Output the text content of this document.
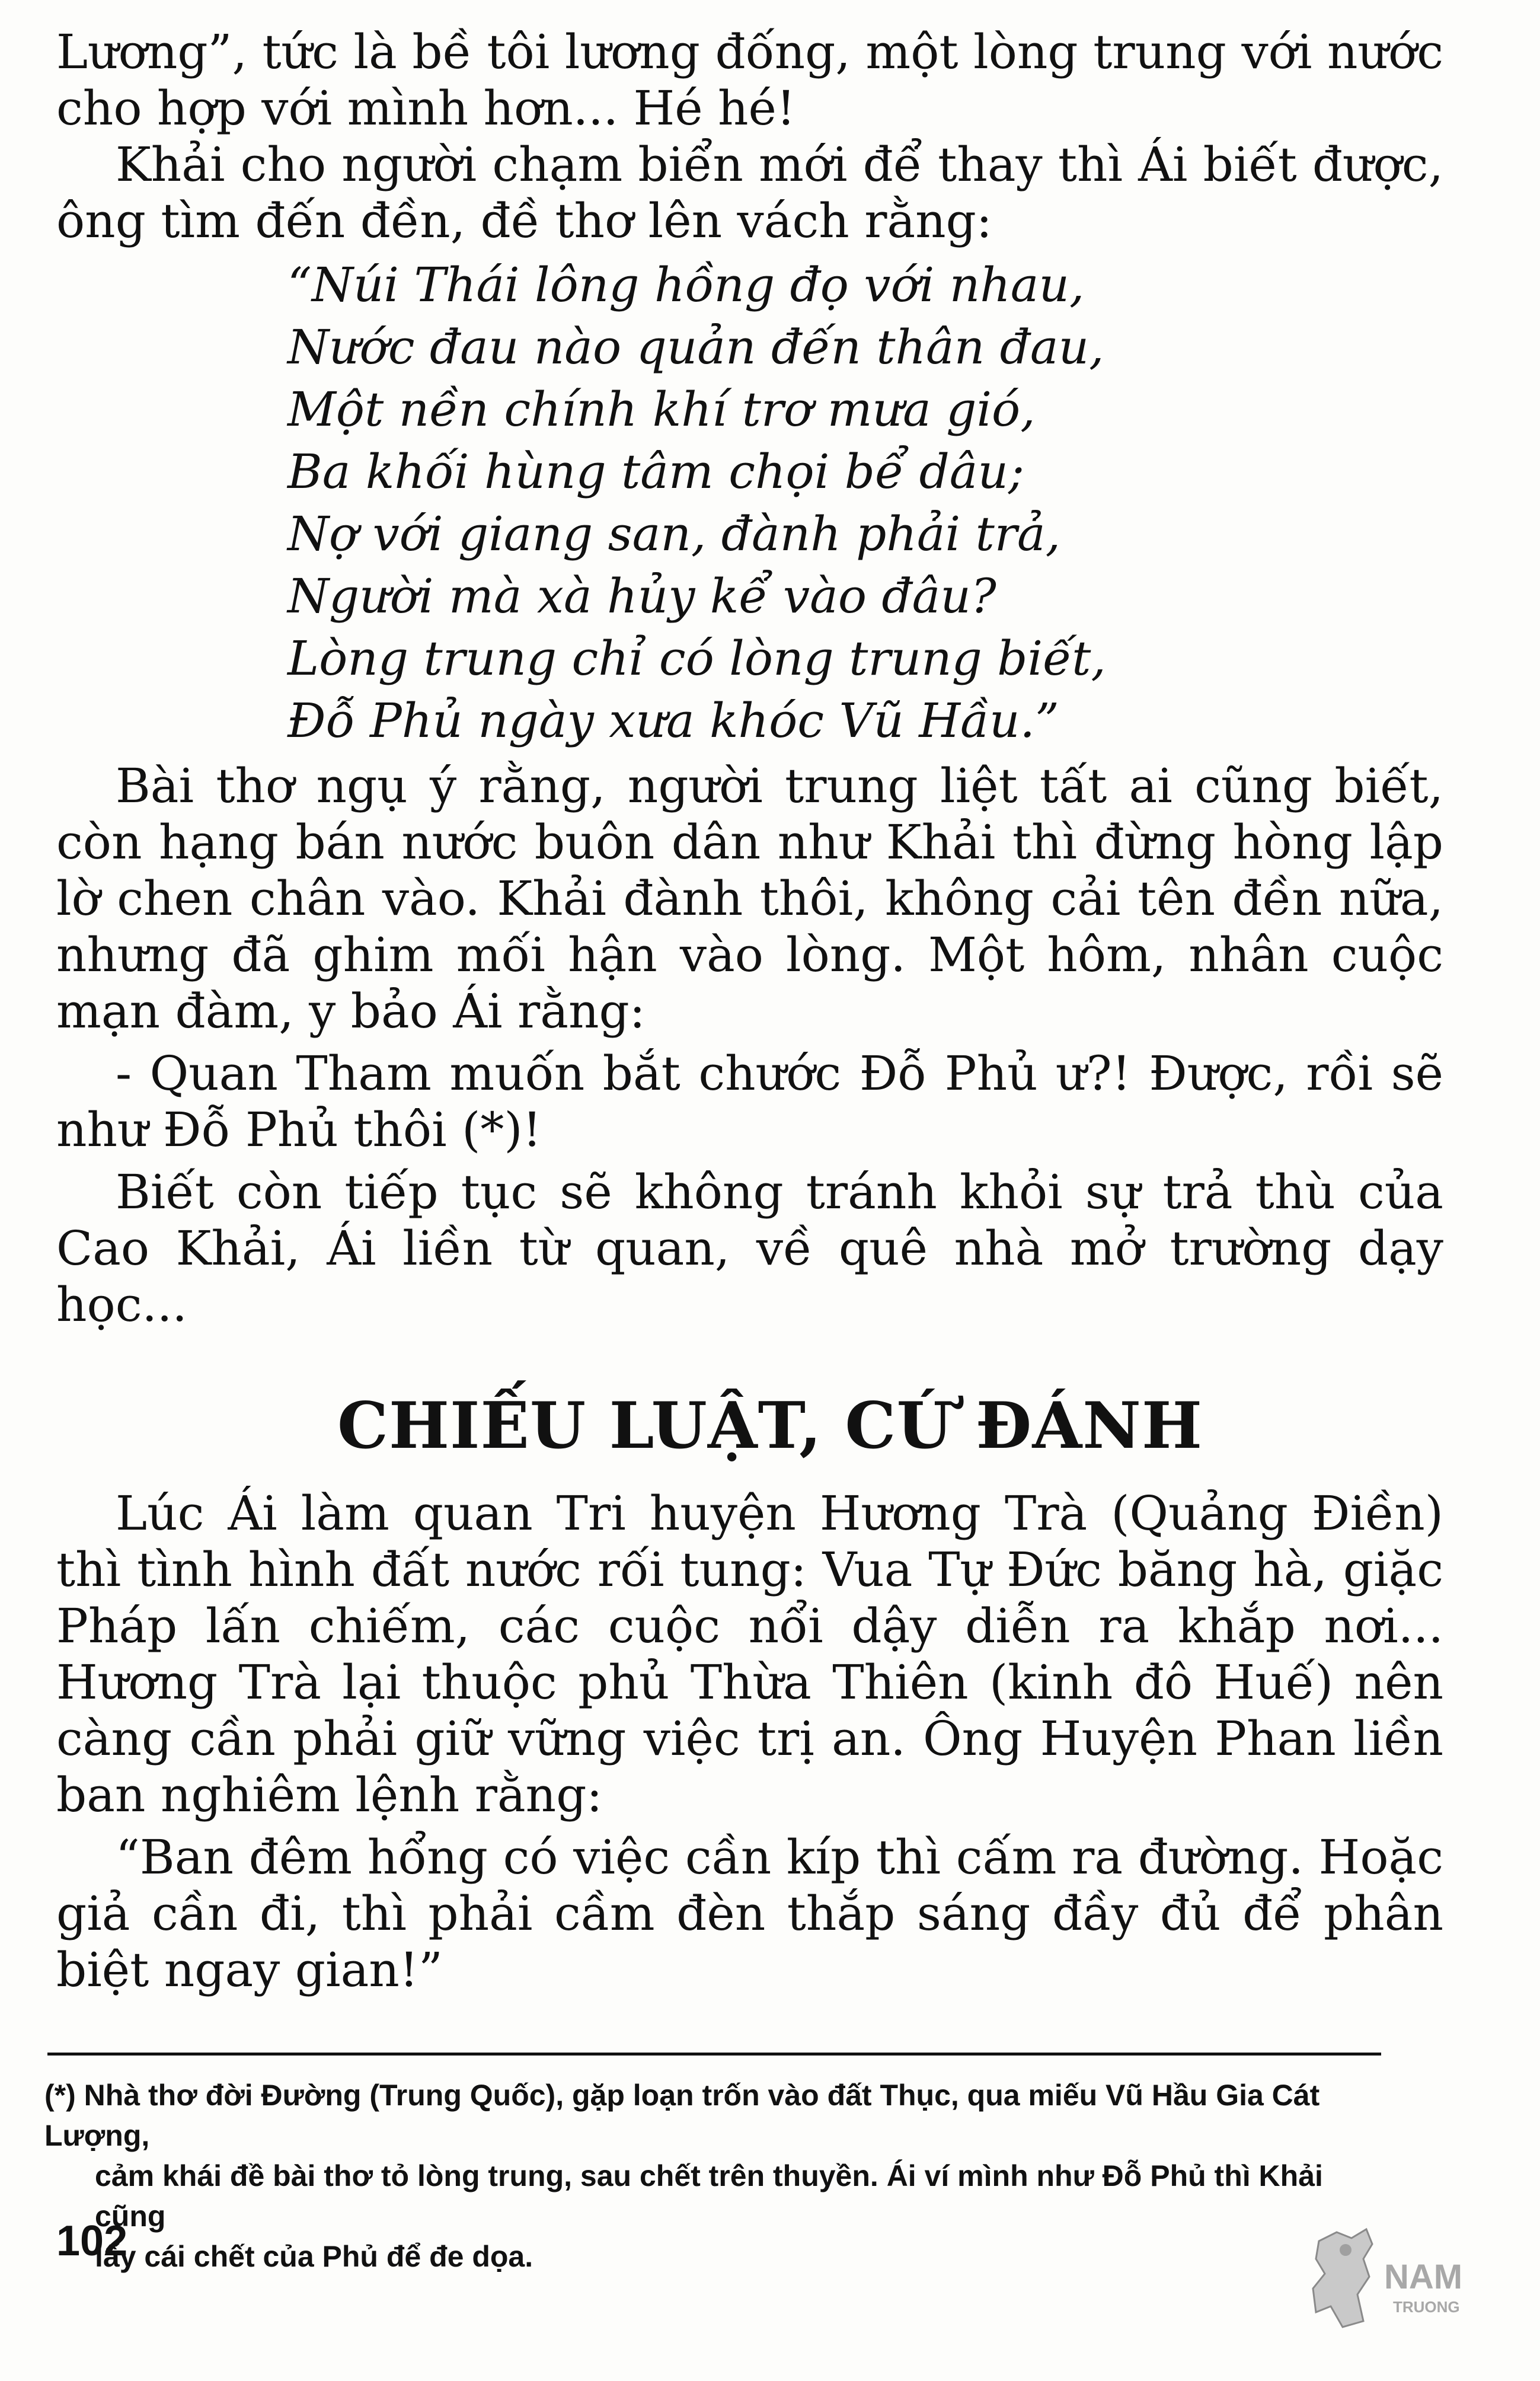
Lương”, tức là bề tôi lương đống, một lòng trung với nước cho hợp với mình hơn... Hé hé!

Khải cho người chạm biển mới để thay thì Ái biết được, ông tìm đến đền, đề thơ lên vách rằng:

“Núi Thái lông hồng đọ với nhau,

Nước đau nào quản đến thân đau,

Một nền chính khí trơ mưa gió,

Ba khối hùng tâm chọi bể dâu;

Nợ với giang san, đành phải trả,

Người mà xà hủy kể vào đâu?

Lòng trung chỉ có lòng trung biết,

Đỗ Phủ ngày xưa khóc Vũ Hầu.”

Bài thơ ngụ ý rằng, người trung liệt tất ai cũng biết, còn hạng bán nước buôn dân như Khải thì đừng hòng lập lờ chen chân vào. Khải đành thôi, không cải tên đền nữa, nhưng đã ghim mối hận vào lòng. Một hôm, nhân cuộc mạn đàm, y bảo Ái rằng:

- Quan Tham muốn bắt chước Đỗ Phủ ư?! Được, rồi sẽ như Đỗ Phủ thôi (*)!

Biết còn tiếp tục sẽ không tránh khỏi sự trả thù của Cao Khải, Ái liền từ quan, về quê nhà mở trường dạy học...

CHIẾU LUẬT, CỨ ĐÁNH

Lúc Ái làm quan Tri huyện Hương Trà (Quảng Điền) thì tình hình đất nước rối tung: Vua Tự Đức băng hà, giặc Pháp lấn chiếm, các cuộc nổi dậy diễn ra khắp nơi... Hương Trà lại thuộc phủ Thừa Thiên (kinh đô Huế) nên càng cần phải giữ vững việc trị an. Ông Huyện Phan liền ban nghiêm lệnh rằng:

“Ban đêm hổng có việc cần kíp thì cấm ra đường. Hoặc giả cần đi, thì phải cầm đèn thắp sáng đầy đủ để phân biệt ngay gian!”

(*) Nhà thơ đời Đường (Trung Quốc), gặp loạn trốn vào đất Thục, qua miếu Vũ Hầu Gia Cát Lượng,
cảm khái đề bài thơ tỏ lòng trung, sau chết trên thuyền. Ái ví mình như Đỗ Phủ thì Khải cũng
lấy cái chết của Phủ để đe dọa.

102
NAM
TRUONG
